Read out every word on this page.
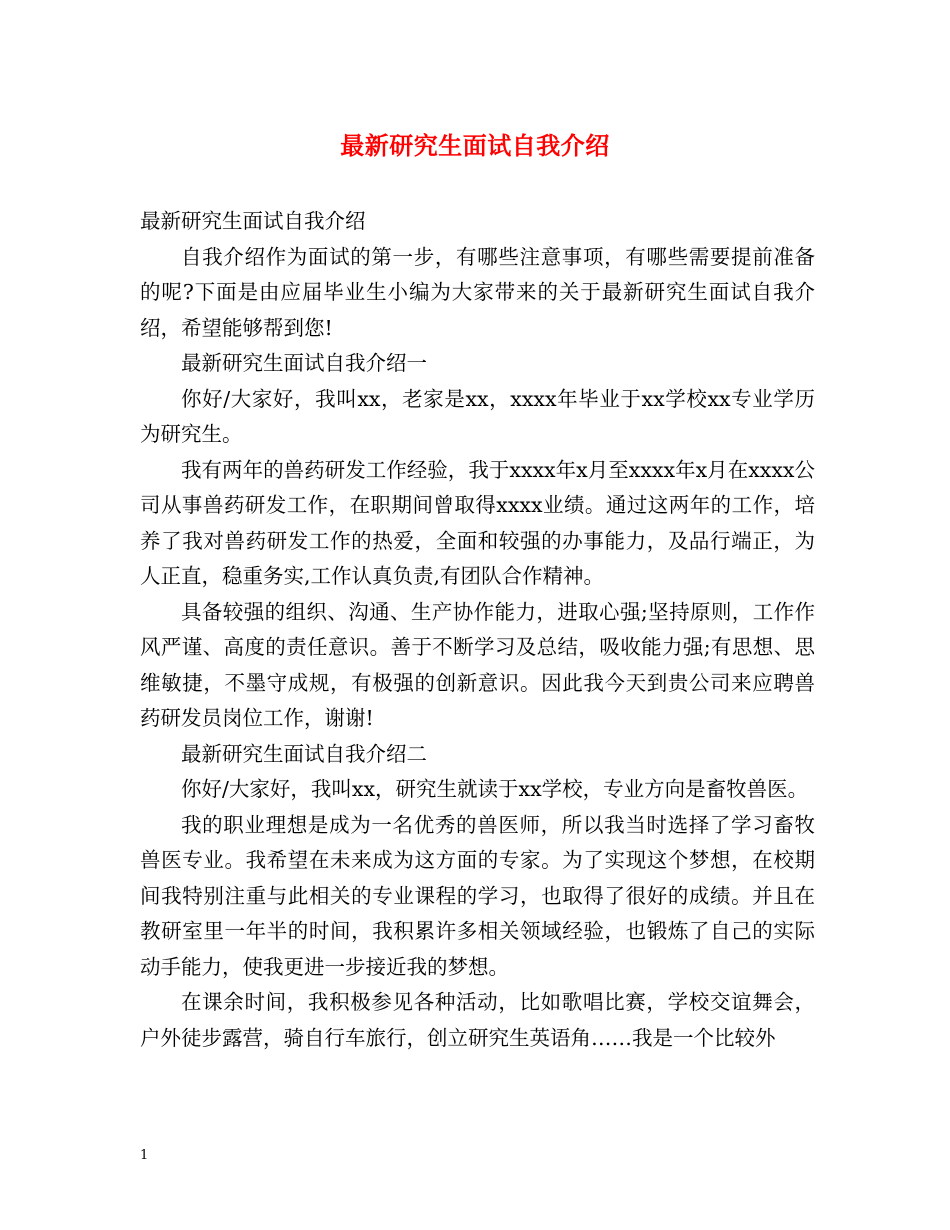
最新研究生面试自我介绍

最新研究生面试自我介绍

自我介绍作为面试的第一步，有哪些注意事项，有哪些需要提前准备的呢?下面是由应届毕业生小编为大家带来的关于最新研究生面试自我介绍，希望能够帮到您!

最新研究生面试自我介绍一

你好/大家好，我叫xx，老家是xx，xxxx年毕业于xx学校xx专业学历为研究生。

我有两年的兽药研发工作经验，我于xxxx年x月至xxxx年x月在xxxx公司从事兽药研发工作，在职期间曾取得xxxx业绩。通过这两年的工作，培养了我对兽药研发工作的热爱，全面和较强的办事能力，及品行端正，为人正直，稳重务实,工作认真负责,有团队合作精神。

具备较强的组织、沟通、生产协作能力，进取心强;坚持原则，工作作风严谨、高度的责任意识。善于不断学习及总结，吸收能力强;有思想、思维敏捷，不墨守成规，有极强的创新意识。因此我今天到贵公司来应聘兽药研发员岗位工作，谢谢!

最新研究生面试自我介绍二

你好/大家好，我叫xx，研究生就读于xx学校，专业方向是畜牧兽医。

我的职业理想是成为一名优秀的兽医师，所以我当时选择了学习畜牧兽医专业。我希望在未来成为这方面的专家。为了实现这个梦想，在校期间我特别注重与此相关的专业课程的学习，也取得了很好的成绩。并且在教研室里一年半的时间，我积累许多相关领域经验，也锻炼了自己的实际动手能力，使我更进一步接近我的梦想。

在课余时间，我积极参见各种活动，比如歌唱比赛，学校交谊舞会，户外徒步露营，骑自行车旅行，创立研究生英语角……我是一个比较外

1
